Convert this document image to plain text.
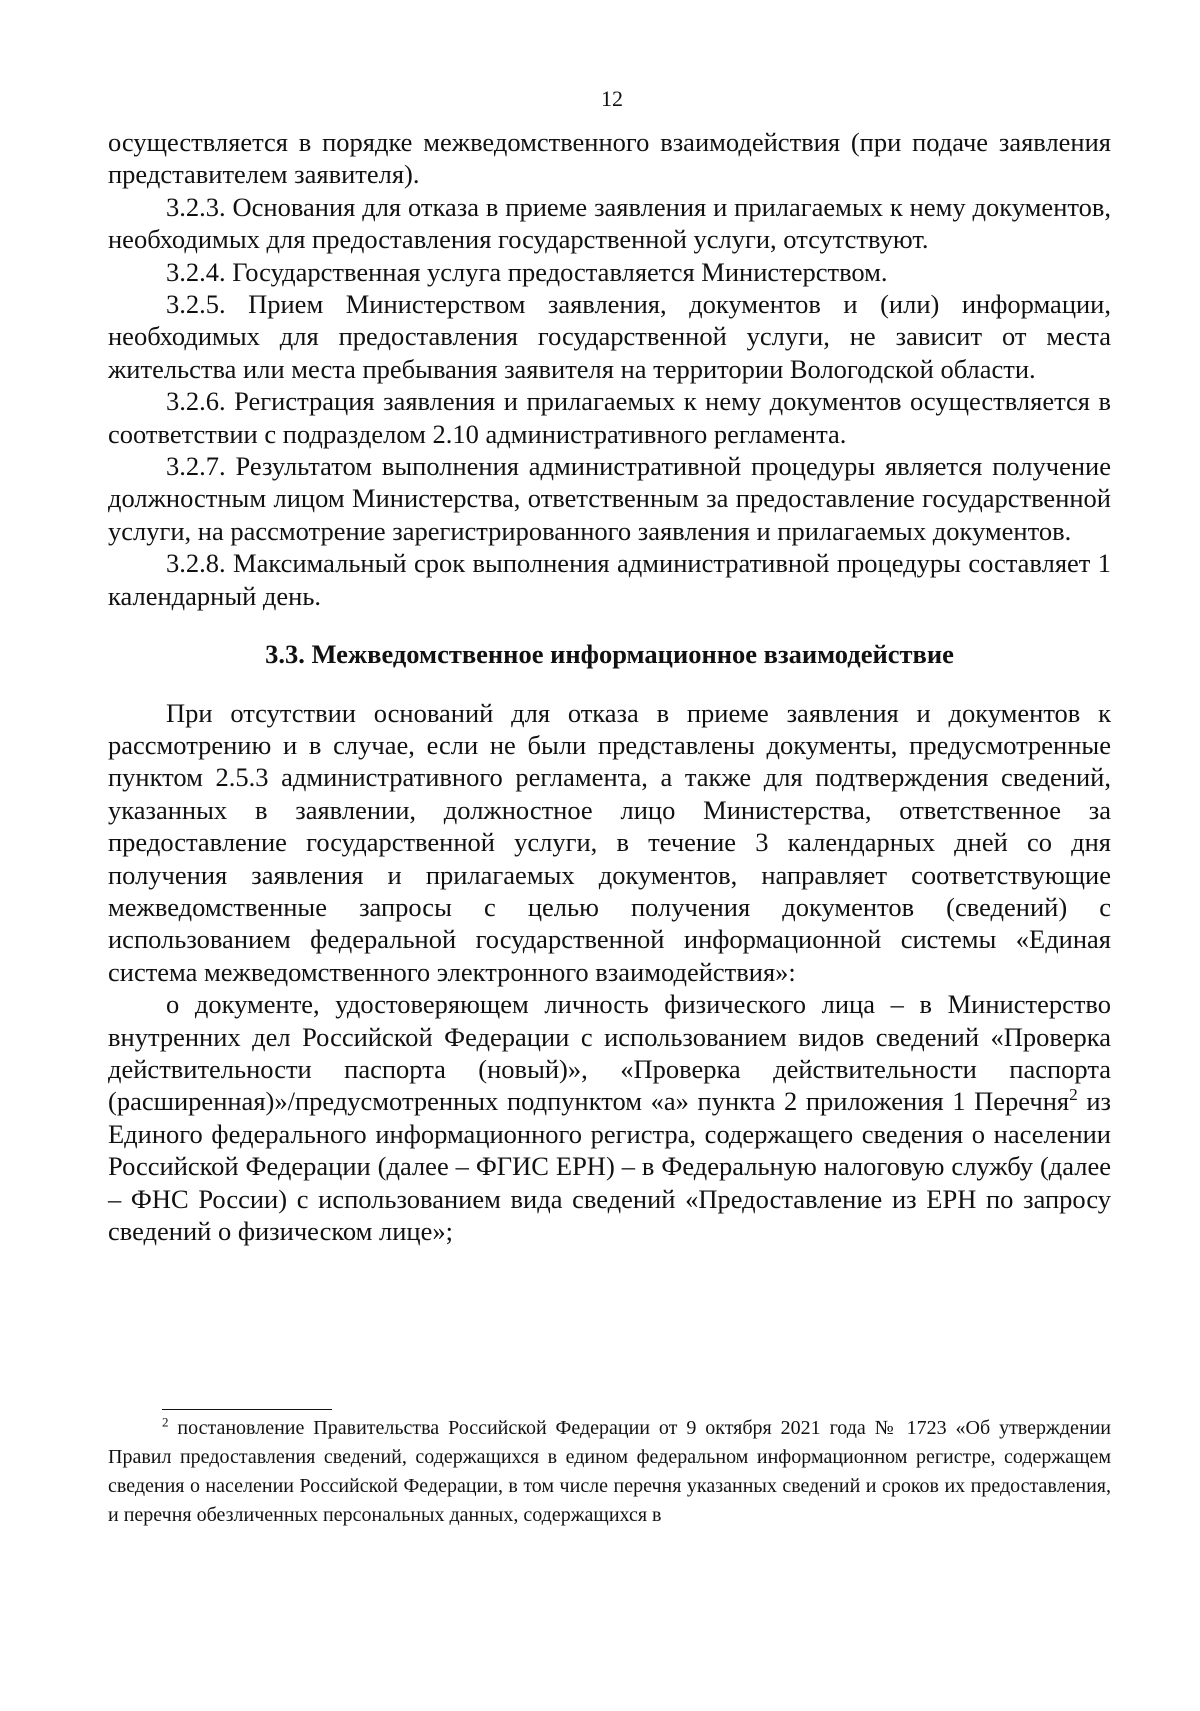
12

осуществляется в порядке межведомственного взаимодействия (при подаче заявления представителем заявителя).

3.2.3. Основания для отказа в приеме заявления и прилагаемых к нему документов, необходимых для предоставления государственной услуги, отсутствуют.

3.2.4. Государственная услуга предоставляется Министерством.

3.2.5. Прием Министерством заявления, документов и (или) информации, необходимых для предоставления государственной услуги, не зависит от места жительства или места пребывания заявителя на территории Вологодской области.

3.2.6. Регистрация заявления и прилагаемых к нему документов осуществляется в соответствии с подразделом 2.10 административного регламента.

3.2.7. Результатом выполнения административной процедуры является получение должностным лицом Министерства, ответственным за предоставление государственной услуги, на рассмотрение зарегистрированного заявления и прилагаемых документов.

3.2.8. Максимальный срок выполнения административной процедуры составляет 1 календарный день.

3.3. Межведомственное информационное взаимодействие

При отсутствии оснований для отказа в приеме заявления и документов к рассмотрению и в случае, если не были представлены документы, предусмотренные пунктом 2.5.3 административного регламента, а также для подтверждения сведений, указанных в заявлении, должностное лицо Министерства, ответственное за предоставление государственной услуги, в течение 3 календарных дней со дня получения заявления и прилагаемых документов, направляет соответствующие межведомственные запросы с целью получения документов (сведений) с использованием федеральной государственной информационной системы «Единая система межведомственного электронного взаимодействия»:

о документе, удостоверяющем личность физического лица – в Министерство внутренних дел Российской Федерации с использованием видов сведений «Проверка действительности паспорта (новый)», «Проверка действительности паспорта (расширенная)»/предусмотренных подпунктом «а» пункта 2 приложения 1 Перечня$^2$ из Единого федерального информационного регистра, содержащего сведения о населении Российской Федерации (далее – ФГИС ЕРН) – в Федеральную налоговую службу (далее – ФНС России) с использованием вида сведений «Предоставление из ЕРН по запросу сведений о физическом лице»;

$^2$ постановление Правительства Российской Федерации от 9 октября 2021 года № 1723 «Об утверждении Правил предоставления сведений, содержащихся в едином федеральном информационном регистре, содержащем сведения о населении Российской Федерации, в том числе перечня указанных сведений и сроков их предоставления, и перечня обезличенных персональных данных, содержащихся в
